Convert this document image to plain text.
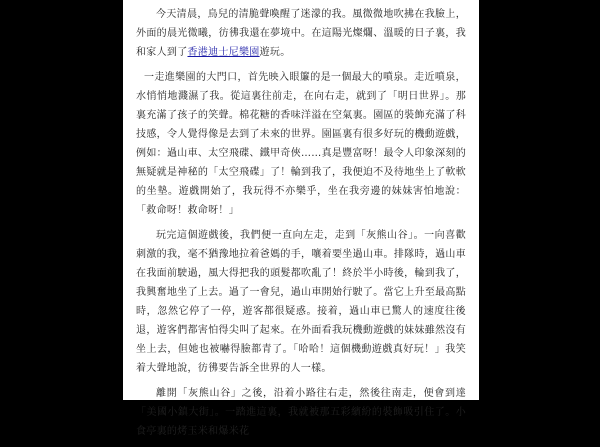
今天清晨，鳥兒的清脆聲喚醒了迷濛的我。風微微地吹拂在我臉上，外面的晨光微曦，彷彿我還在夢境中。在這陽光燦爛、溫暖的日子裏，我和家人到了香港迪士尼樂園遊玩。

一走進樂園的大門口，首先映入眼簾的是一個最大的噴泉。走近噴泉，水悄悄地濺濕了我。從這裏往前走，在向右走，就到了「明日世界」。那裏充滿了孩子的笑聲。棉花糖的香味洋溢在空氣裏。園區的裝飾充滿了科技感，令人覺得像是去到了未來的世界。園區裏有很多好玩的機動遊戲，例如：過山車、太空飛碟、鐵甲奇俠……真是豐富呀！最令人印象深刻的無疑就是神秘的「太空飛碟」了！輪到我了，我便迫不及待地坐上了軟軟的坐墊。遊戲開始了，我玩得不亦樂乎，坐在我旁邊的妹妹害怕地說：「救命呀！救命呀！」

玩完這個遊戲後，我們便一直向左走，走到「灰熊山谷」。一向喜歡刺激的我，毫不猶豫地拉着爸媽的手，嚷着要坐過山車。排隊時，過山車在我面前駛過，風大得把我的頭髮都吹亂了！終於半小時後，輪到我了，我興奮地坐了上去。過了一會兒，過山車開始行駛了。當它上升至最高點時，忽然它停了一停，遊客都很疑惑。接着，過山車已驚人的速度往後退，遊客們都害怕得尖叫了起來。在外面看我玩機動遊戲的妹妹雖然沒有坐上去，但她也被嚇得臉都青了。「哈哈！這個機動遊戲真好玩！」我笑着大聲地說，彷彿要告訴全世界的人一樣。

離開「灰熊山谷」之後，沿着小路往右走，然後往南走，便會到達「美國小鎮大街」。一踏進這裏，我就被那五彩繽紛的裝飾吸引住了。小食亭裏的烤玉米和爆米花
